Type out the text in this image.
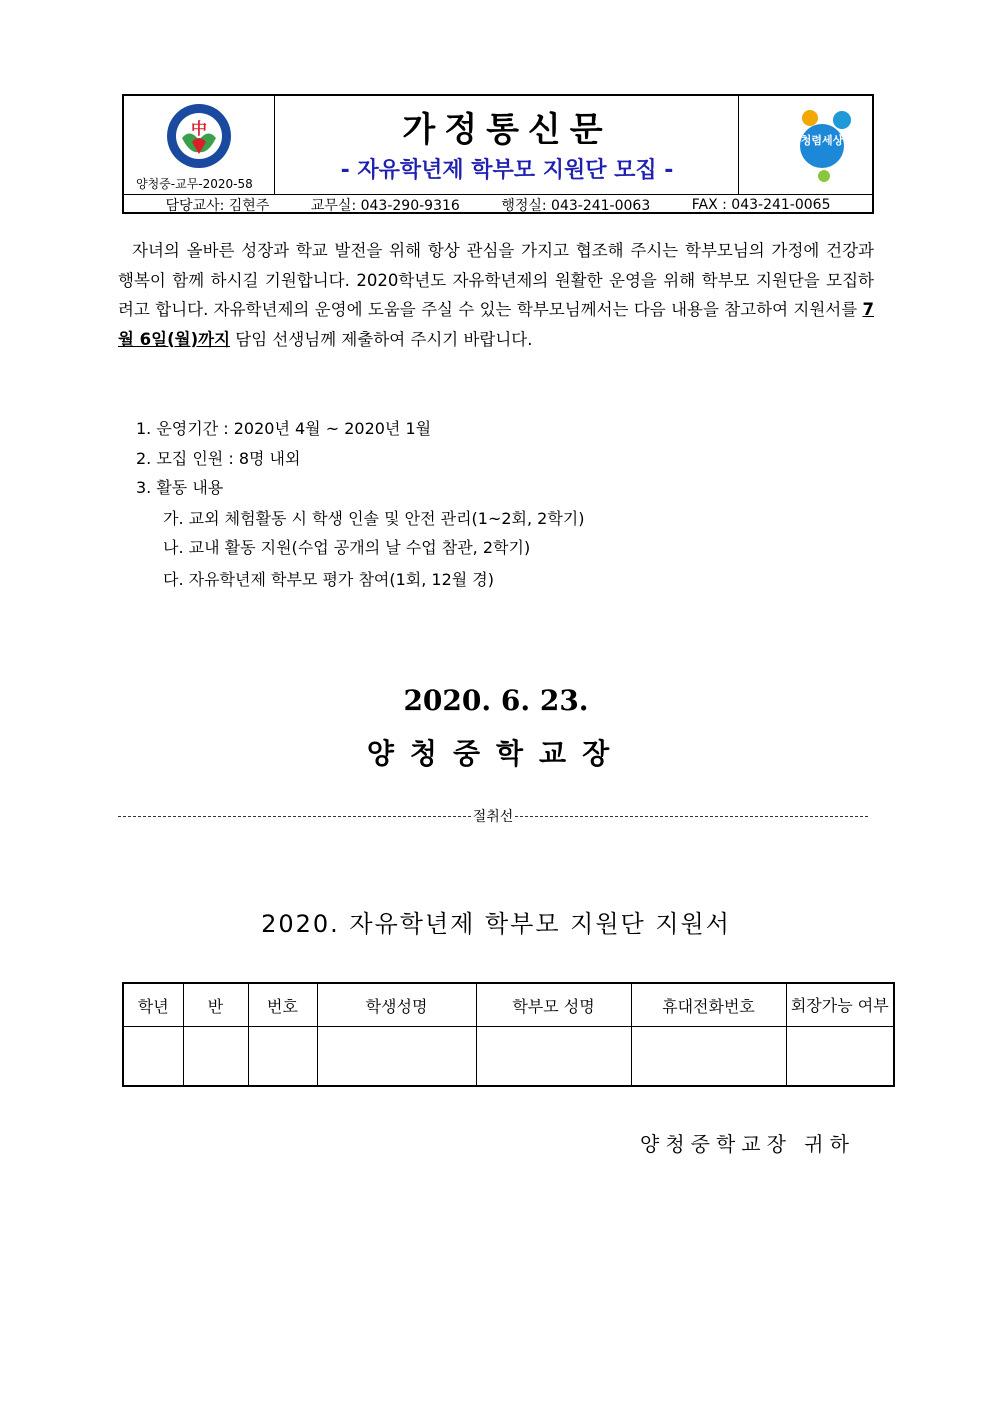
中
양청중-교무-2020-58
가정통신문
- 자유학년제 학부모 지원단 모집 -
청렴세상
담당교사: 김현주	교무실: 043-290-9316	행정실: 043-241-0063	FAX : 043-241-0065
자녀의 올바른 성장과 학교 발전을 위해 항상 관심을 가지고 협조해 주시는 학부모님의 가정에 건강과 행복이 함께 하시길 기원합니다. 2020학년도 자유학년제의 원활한 운영을 위해 학부모 지원단을 모집하려고 합니다. 자유학년제의 운영에 도움을 주실 수 있는 학부모님께서는 다음 내용을 참고하여 지원서를 7월 6일(월)까지 담임 선생님께 제출하여 주시기 바랍니다.
1. 운영기간 : 2020년 4월 ~ 2020년 1월
2. 모집 인원 : 8명 내외
3. 활동 내용
가. 교외 체험활동 시 학생 인솔 및 안전 관리(1~2회, 2학기)
나. 교내 활동 지원(수업 공개의 날 수업 참관, 2학기)
다. 자유학년제 학부모 평가 참여(1회, 12월 경)
2020. 6. 23.
양청중학교장
절취선
2020. 자유학년제 학부모 지원단 지원서
학년	반	번호	학생성명	학부모 성명	휴대전화번호	회장가능 여부

양청중학교장 귀하
